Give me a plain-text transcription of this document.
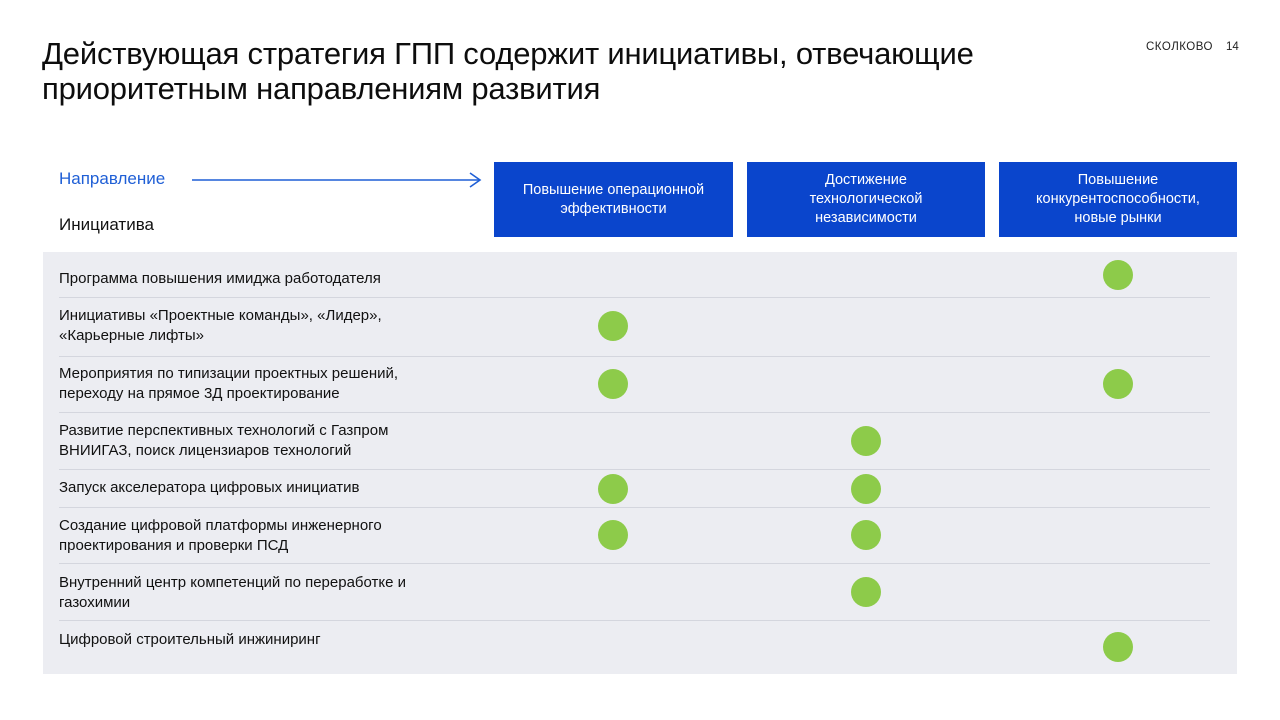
Действующая стратегия ГПП содержит инициативы, отвечающие
приоритетным направлениям развития
СКОЛКОВО 14
Направление
Инициатива
Повышение операционной
эффективности
Достижение
технологической
независимости
Повышение
конкурентоспособности,
новые рынки
Программа повышения имиджа работодателя
Инициативы «Проектные команды», «Лидер»,
«Карьерные лифты»
Мероприятия по типизации проектных решений,
переходу на прямое 3Д проектирование
Развитие перспективных технологий с Газпром
ВНИИГАЗ, поиск лицензиаров технологий
Запуск акселератора цифровых инициатив
Создание цифровой платформы инженерного
проектирования и проверки ПСД
Внутренний центр компетенций по переработке и
газохимии
Цифровой строительный инжиниринг
